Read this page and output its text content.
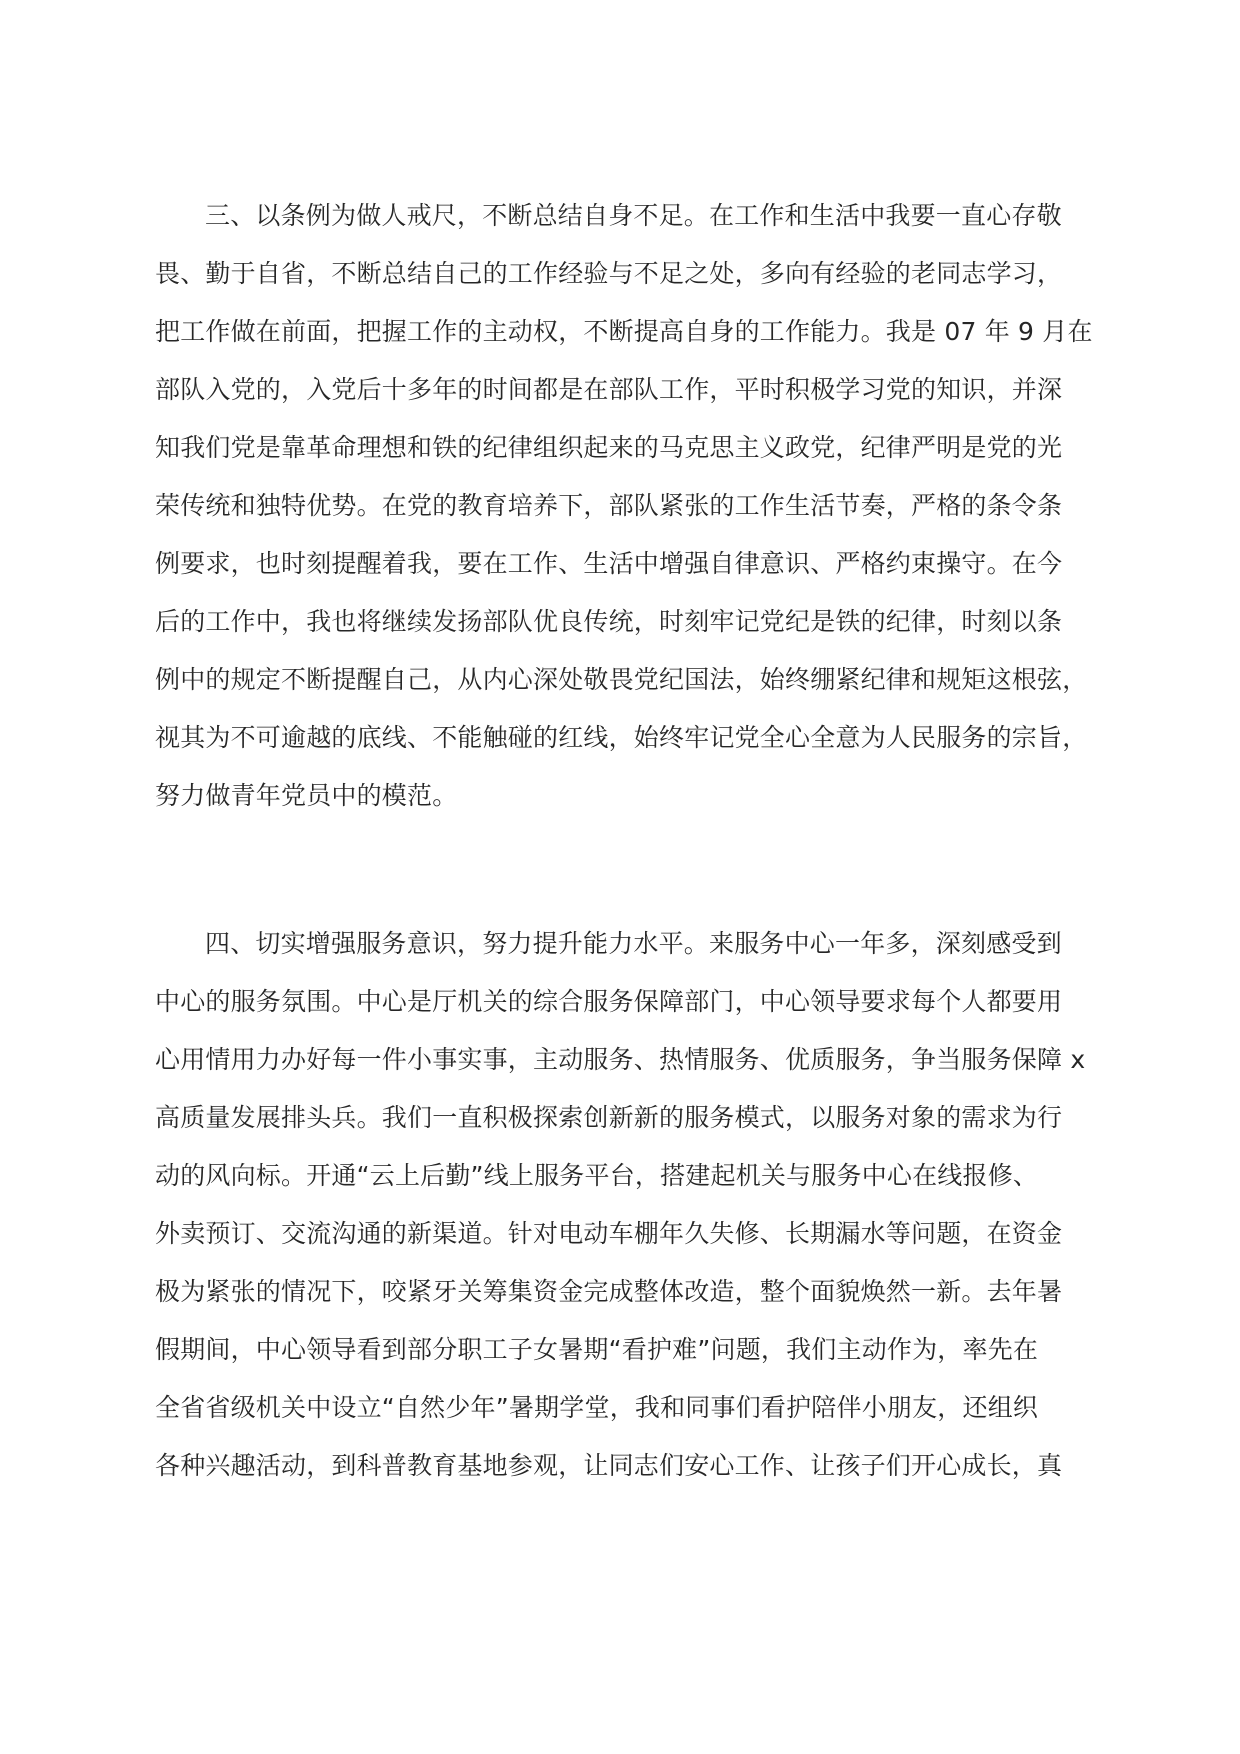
三、以条例为做人戒尺，不断总结自身不足。在工作和生活中我要一直心存敬
畏、勤于自省，不断总结自己的工作经验与不足之处，多向有经验的老同志学习，
把工作做在前面，把握工作的主动权，不断提高自身的工作能力。我是 07 年 9 月在
部队入党的，入党后十多年的时间都是在部队工作，平时积极学习党的知识，并深
知我们党是靠革命理想和铁的纪律组织起来的马克思主义政党，纪律严明是党的光
荣传统和独特优势。在党的教育培养下，部队紧张的工作生活节奏，严格的条令条
例要求，也时刻提醒着我，要在工作、生活中增强自律意识、严格约束操守。在今
后的工作中，我也将继续发扬部队优良传统，时刻牢记党纪是铁的纪律，时刻以条
例中的规定不断提醒自己，从内心深处敬畏党纪国法，始终绷紧纪律和规矩这根弦，
视其为不可逾越的底线、不能触碰的红线，始终牢记党全心全意为人民服务的宗旨，
努力做青年党员中的模范。
四、切实增强服务意识，努力提升能力水平。来服务中心一年多，深刻感受到
中心的服务氛围。中心是厅机关的综合服务保障部门，中心领导要求每个人都要用
心用情用力办好每一件小事实事，主动服务、热情服务、优质服务，争当服务保障 x
高质量发展排头兵。我们一直积极探索创新新的服务模式，以服务对象的需求为行
动的风向标。开通“云上后勤”线上服务平台，搭建起机关与服务中心在线报修、
外卖预订、交流沟通的新渠道。针对电动车棚年久失修、长期漏水等问题，在资金
极为紧张的情况下，咬紧牙关筹集资金完成整体改造，整个面貌焕然一新。去年暑
假期间，中心领导看到部分职工子女暑期“看护难”问题，我们主动作为，率先在
全省省级机关中设立“自然少年”暑期学堂，我和同事们看护陪伴小朋友，还组织
各种兴趣活动，到科普教育基地参观，让同志们安心工作、让孩子们开心成长，真
